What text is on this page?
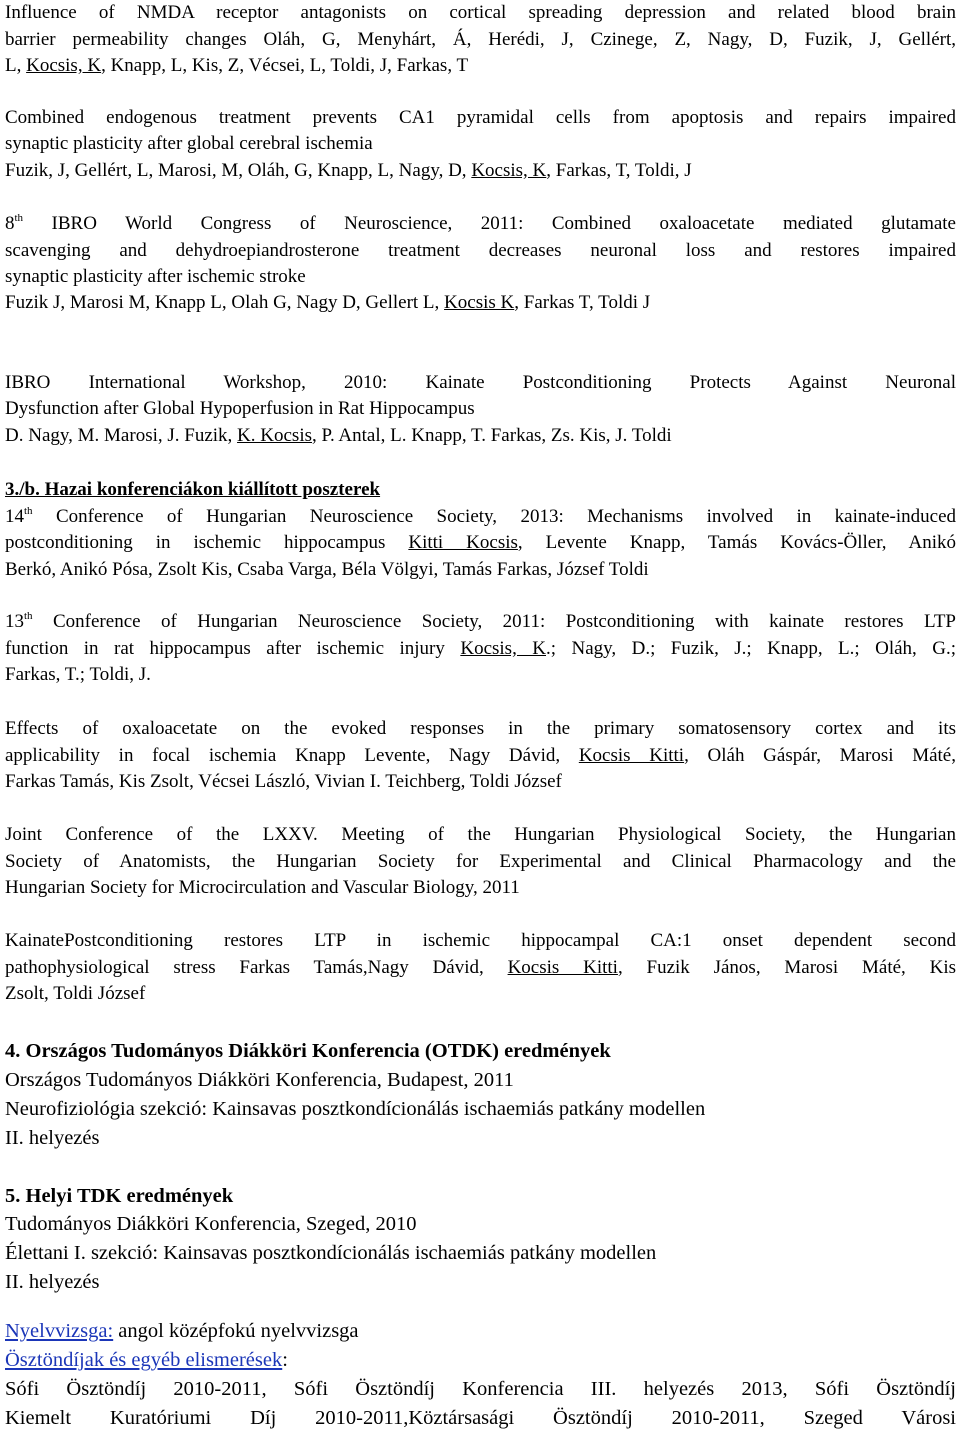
Influence of NMDA receptor antagonists on cortical spreading depression and related blood brain
barrier permeability changes Oláh, G, Menyhárt, Á, Herédi, J, Czinege, Z, Nagy, D, Fuzik, J, Gellért,
L, Kocsis, K, Knapp, L, Kis, Z, Vécsei, L, Toldi, J, Farkas, T
Combined endogenous treatment prevents CA1 pyramidal cells from apoptosis and repairs impaired
synaptic plasticity after global cerebral ischemia
Fuzik, J, Gellért, L, Marosi, M, Oláh, G, Knapp, L, Nagy, D, Kocsis, K, Farkas, T, Toldi, J
8th IBRO World Congress of Neuroscience, 2011: Combined oxaloacetate mediated glutamate
scavenging and dehydroepiandrosterone treatment decreases neuronal loss and restores impaired
synaptic plasticity after ischemic stroke
Fuzik J, Marosi M, Knapp L, Olah G, Nagy D, Gellert L, Kocsis K, Farkas T, Toldi J
IBRO International Workshop, 2010: Kainate Postconditioning Protects Against Neuronal
Dysfunction after Global Hypoperfusion in Rat Hippocampus
D. Nagy, M. Marosi, J. Fuzik, K. Kocsis, P. Antal, L. Knapp, T. Farkas, Zs. Kis, J. Toldi
3./b. Hazai konferenciákon kiállított poszterek
14th Conference of Hungarian Neuroscience Society, 2013: Mechanisms involved in kainate-induced
postconditioning in ischemic hippocampus Kitti Kocsis, Levente Knapp, Tamás Kovács-Öller, Anikó
Berkó, Anikó Pósa, Zsolt Kis, Csaba Varga, Béla Völgyi, Tamás Farkas, József Toldi
13th Conference of Hungarian Neuroscience Society, 2011: Postconditioning with kainate restores LTP
function in rat hippocampus after ischemic injury Kocsis, K.; Nagy, D.; Fuzik, J.; Knapp, L.; Oláh, G.;
Farkas, T.; Toldi, J.
Effects of oxaloacetate on the evoked responses in the primary somatosensory cortex and its
applicability in focal ischemia Knapp Levente, Nagy Dávid, Kocsis Kitti, Oláh Gáspár, Marosi Máté,
Farkas Tamás, Kis Zsolt, Vécsei László, Vivian I. Teichberg, Toldi József
Joint Conference of the LXXV. Meeting of the Hungarian Physiological Society, the Hungarian
Society of Anatomists, the Hungarian Society for Experimental and Clinical Pharmacology and the
Hungarian Society for Microcirculation and Vascular Biology, 2011
KainatePostconditioning restores LTP in ischemic hippocampal CA:1 onset dependent second
pathophysiological stress Farkas Tamás,Nagy Dávid, Kocsis Kitti, Fuzik János, Marosi Máté, Kis
Zsolt, Toldi József
4. Országos Tudományos Diákköri Konferencia (OTDK) eredmények
Országos Tudományos Diákköri Konferencia, Budapest, 2011
Neurofiziológia szekció: Kainsavas posztkondícionálás ischaemiás patkány modellen
II. helyezés
5. Helyi TDK eredmények
Tudományos Diákköri Konferencia, Szeged, 2010
Élettani I. szekció: Kainsavas posztkondícionálás ischaemiás patkány modellen
II. helyezés
Nyelvvizsga: angol középfokú nyelvvizsga
Ösztöndíjak és egyéb elismerések:
Sófi Ösztöndíj 2010-2011, Sófi Ösztöndíj Konferencia III. helyezés 2013, Sófi Ösztöndíj
Kiemelt Kuratóriumi Díj 2010-2011,Köztársasági Ösztöndíj 2010-2011, Szeged Városi
